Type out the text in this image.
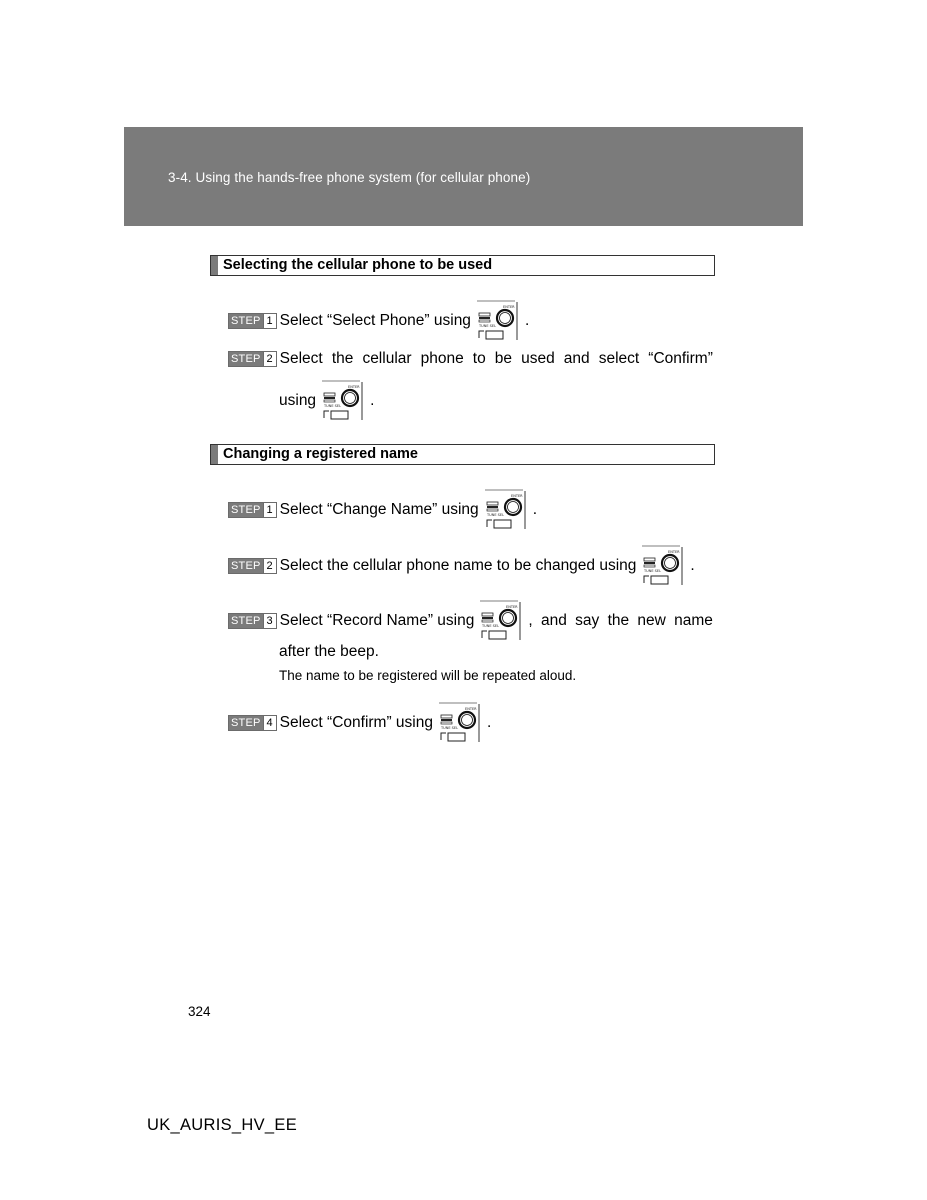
3-4. Using the hands-free phone system (for cellular phone)
Selecting the cellular phone to be used
STEP 1 Select “Select Phone” using TUNE SEL
ENTER
.
STEP 2 Select the cellular phone to be used and select “Confirm”
using TUNE SEL
ENTER
.
Changing a registered name
STEP 1 Select “Change Name” using TUNE SEL
ENTER
.
STEP 2 Select the cellular phone name to be changed using TUNE SEL
ENTER
.
STEP 3 Select “Record Name” using TUNE SEL
ENTER
, and say the new name
after the beep.
The name to be registered will be repeated aloud.
STEP 4 Select “Confirm” using TUNE SEL
ENTER
.
324
UK_AURIS_HV_EE
